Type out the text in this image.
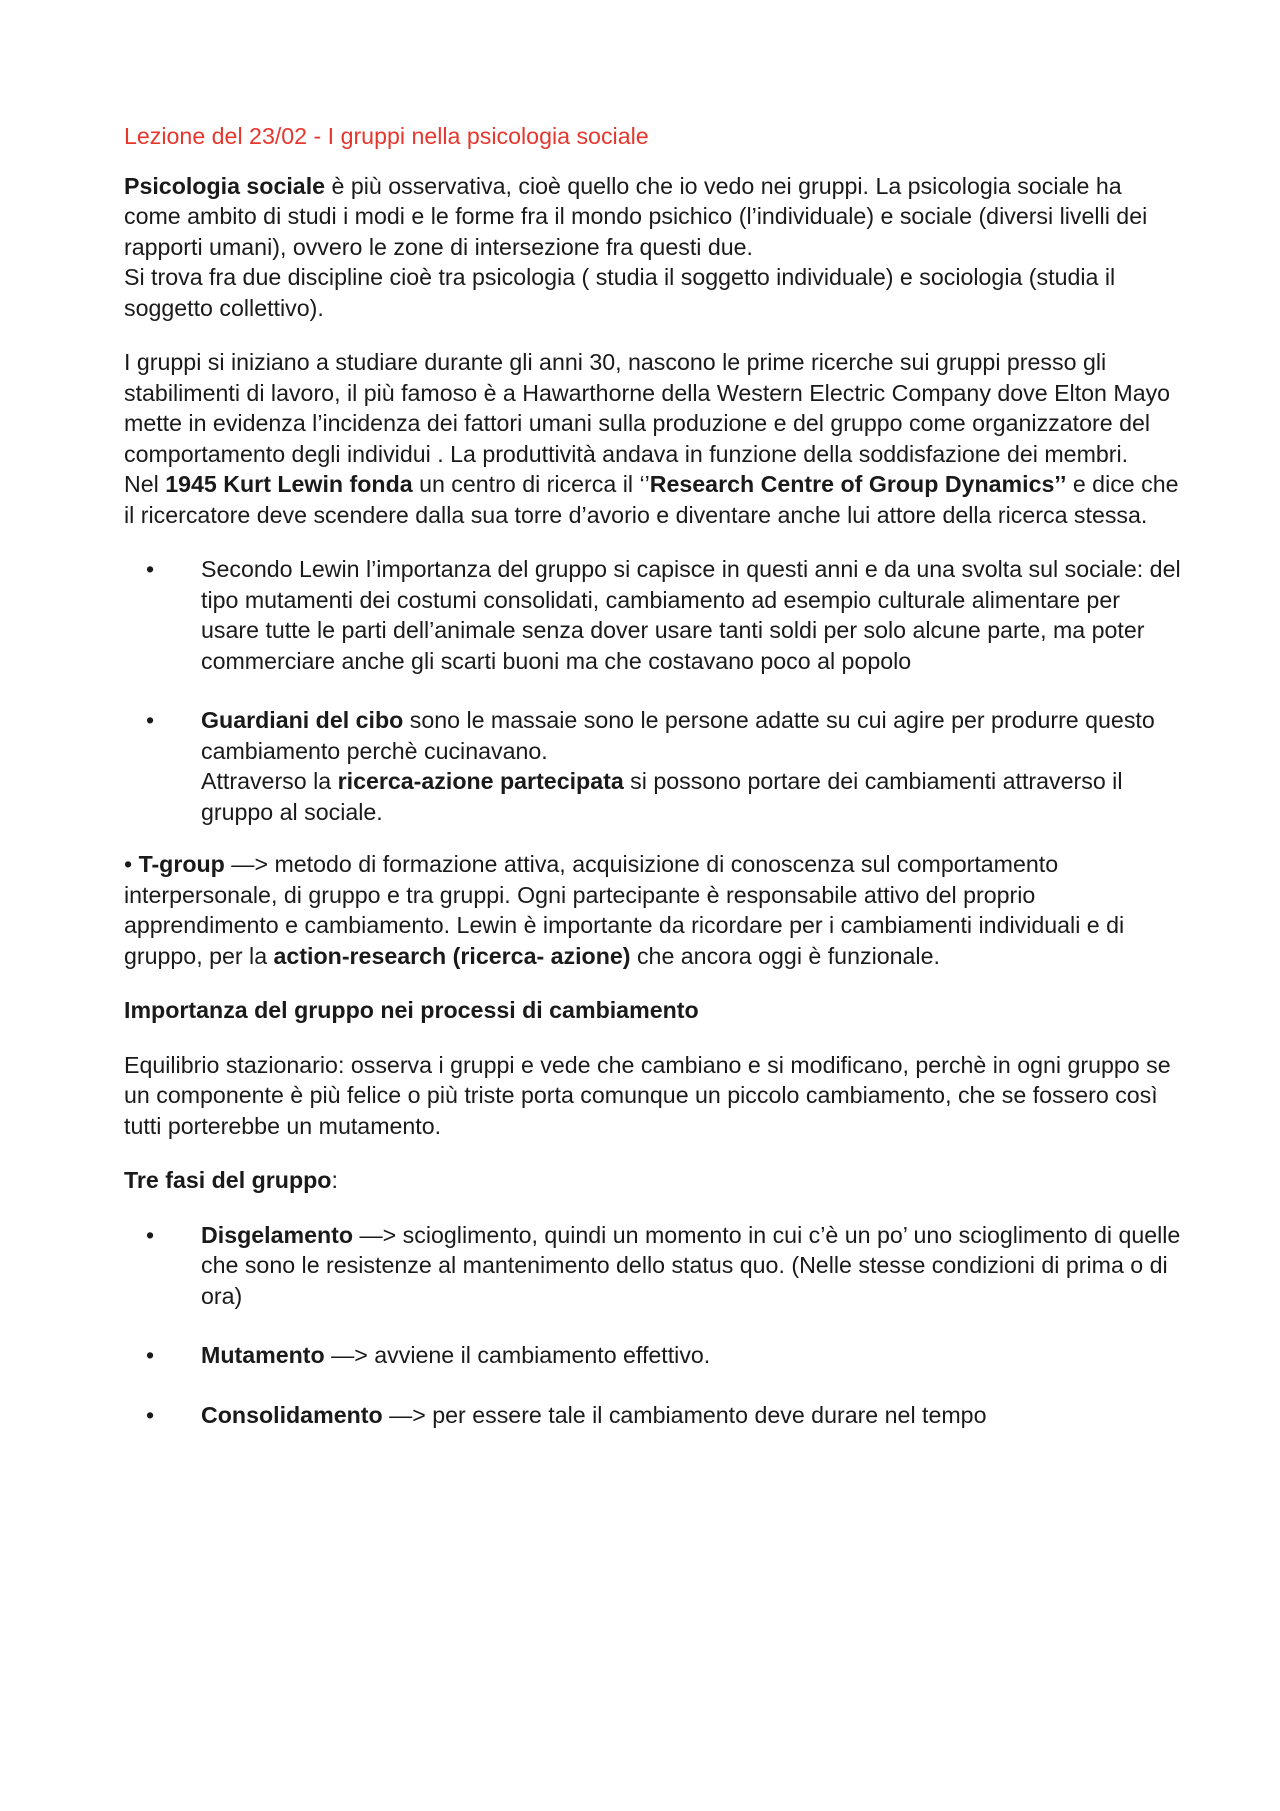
Lezione del 23/02 - I gruppi nella psicologia sociale
Psicologia sociale è più osservativa, cioè quello che io vedo nei gruppi. La psicologia sociale ha come ambito di studi i modi e le forme fra il mondo psichico (l’individuale) e sociale (diversi livelli dei rapporti umani), ovvero le zone di intersezione fra questi due.
Si trova fra due discipline cioè tra psicologia ( studia il soggetto individuale) e sociologia (studia il soggetto collettivo).
I gruppi si iniziano a studiare durante gli anni 30, nascono le prime ricerche sui gruppi presso gli stabilimenti di lavoro, il più famoso è a Hawarthorne della Western Electric Company dove Elton Mayo mette in evidenza l’incidenza dei fattori umani sulla produzione e del gruppo come organizzatore del comportamento degli individui . La produttività andava in funzione della soddisfazione dei membri.
Nel 1945 Kurt Lewin fonda un centro di ricerca il ‘’Research Centre of Group Dynamics’’ e dice che il ricercatore deve scendere dalla sua torre d’avorio e diventare anche lui attore della ricerca stessa.
• Secondo Lewin l’importanza del gruppo si capisce in questi anni e da una svolta sul sociale: del tipo mutamenti dei costumi consolidati, cambiamento ad esempio culturale alimentare per usare tutte le parti dell’animale senza dover usare tanti soldi per solo alcune parte, ma poter commerciare anche gli scarti buoni ma che costavano poco al popolo
• Guardiani del cibo sono le massaie sono le persone adatte su cui agire per produrre questo cambiamento perchè cucinavano.
Attraverso la ricerca-azione partecipata si possono portare dei cambiamenti attraverso il gruppo al sociale.
• T-group —> metodo di formazione attiva, acquisizione di conoscenza sul comportamento interpersonale, di gruppo e tra gruppi. Ogni partecipante è responsabile attivo del proprio apprendimento e cambiamento. Lewin è importante da ricordare per i cambiamenti individuali e di gruppo, per la action-research (ricerca- azione) che ancora oggi è funzionale.
Importanza del gruppo nei processi di cambiamento
Equilibrio stazionario: osserva i gruppi e vede che cambiano e si modificano, perchè in ogni gruppo se un componente è più felice o più triste porta comunque un piccolo cambiamento, che se fossero così tutti porterebbe un mutamento.
Tre fasi del gruppo:
• Disgelamento —> scioglimento, quindi un momento in cui c’è un po’ uno scioglimento di quelle che sono le resistenze al mantenimento dello status quo. (Nelle stesse condizioni di prima o di ora)
• Mutamento —> avviene il cambiamento effettivo.
• Consolidamento —> per essere tale il cambiamento deve durare nel tempo
